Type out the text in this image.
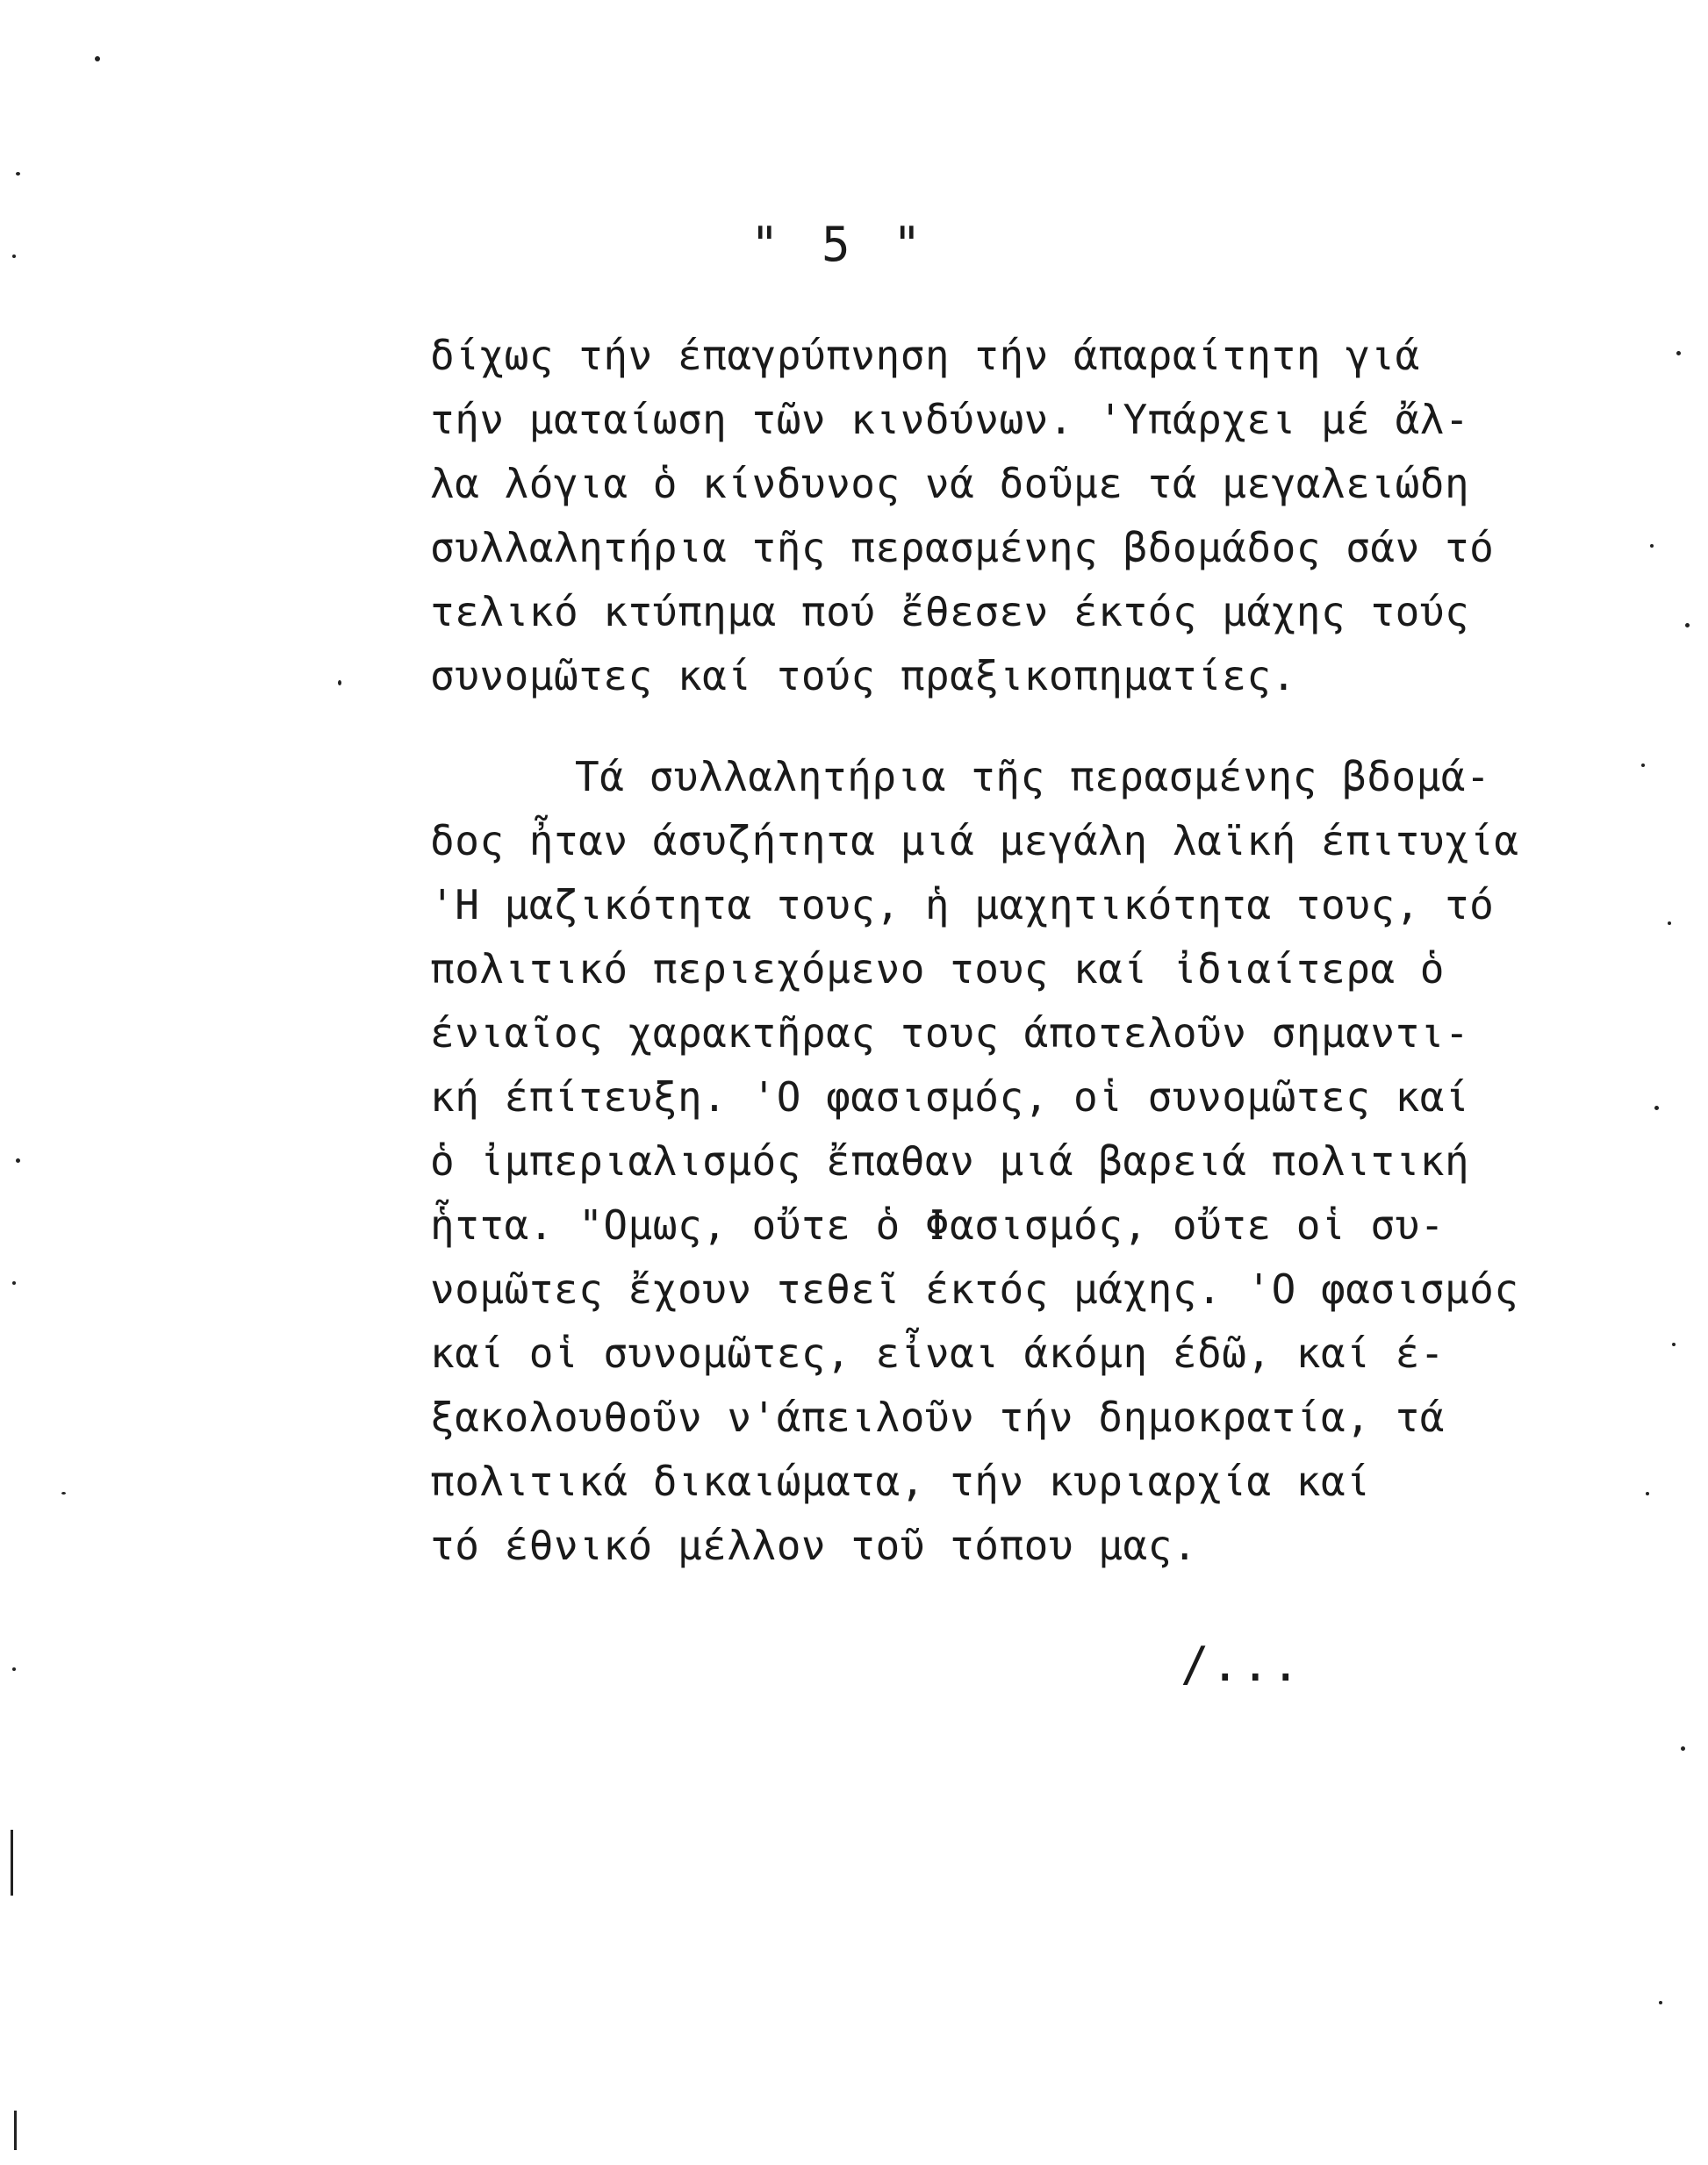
" 5 "
δίχως τήν έπαγρύπνηση τήν άπαραίτητη γιά
τήν ματαίωση τῶν κινδύνων. 'Υπάρχει μέ ἄλ-
λα λόγια ὁ κίνδυνος νά δοῦμε τά μεγαλειώδη
συλλαλητήρια τῆς περασμένης βδομάδος σάν τό
τελικό κτύπημα πού ἔθεσεν έκτός μάχης τούς
συνομῶτες καί τούς πραξικοπηματίες.
Τά συλλαλητήρια τῆς περασμένης βδομά-
δος ἦταν άσυζήτητα μιά μεγάλη λαϊκή έπιτυχία
'Η μαζικότητα τους, ἡ μαχητικότητα τους, τό
πολιτικό περιεχόμενο τους καί ἰδιαίτερα ὁ
ένιαῖος χαρακτῆρας τους άποτελοῦν σημαντι-
κή έπίτευξη. 'Ο φασισμός, οἱ συνομῶτες καί
ὁ ἰμπεριαλισμός ἔπαθαν μιά βαρειά πολιτική
ἧττα. "Ομως, οὔτε ὁ Φασισμός, οὔτε οἱ συ-
νομῶτες ἔχουν τεθεῖ έκτός μάχης. 'Ο φασισμός
καί οἱ συνομῶτες, εἶναι άκόμη έδῶ, καί έ-
ξακολουθοῦν ν'άπειλοῦν τήν δημοκρατία, τά
πολιτικά δικαιώματα, τήν κυριαρχία καί
τό έθνικό μέλλον τοῦ τόπου μας.
/...
